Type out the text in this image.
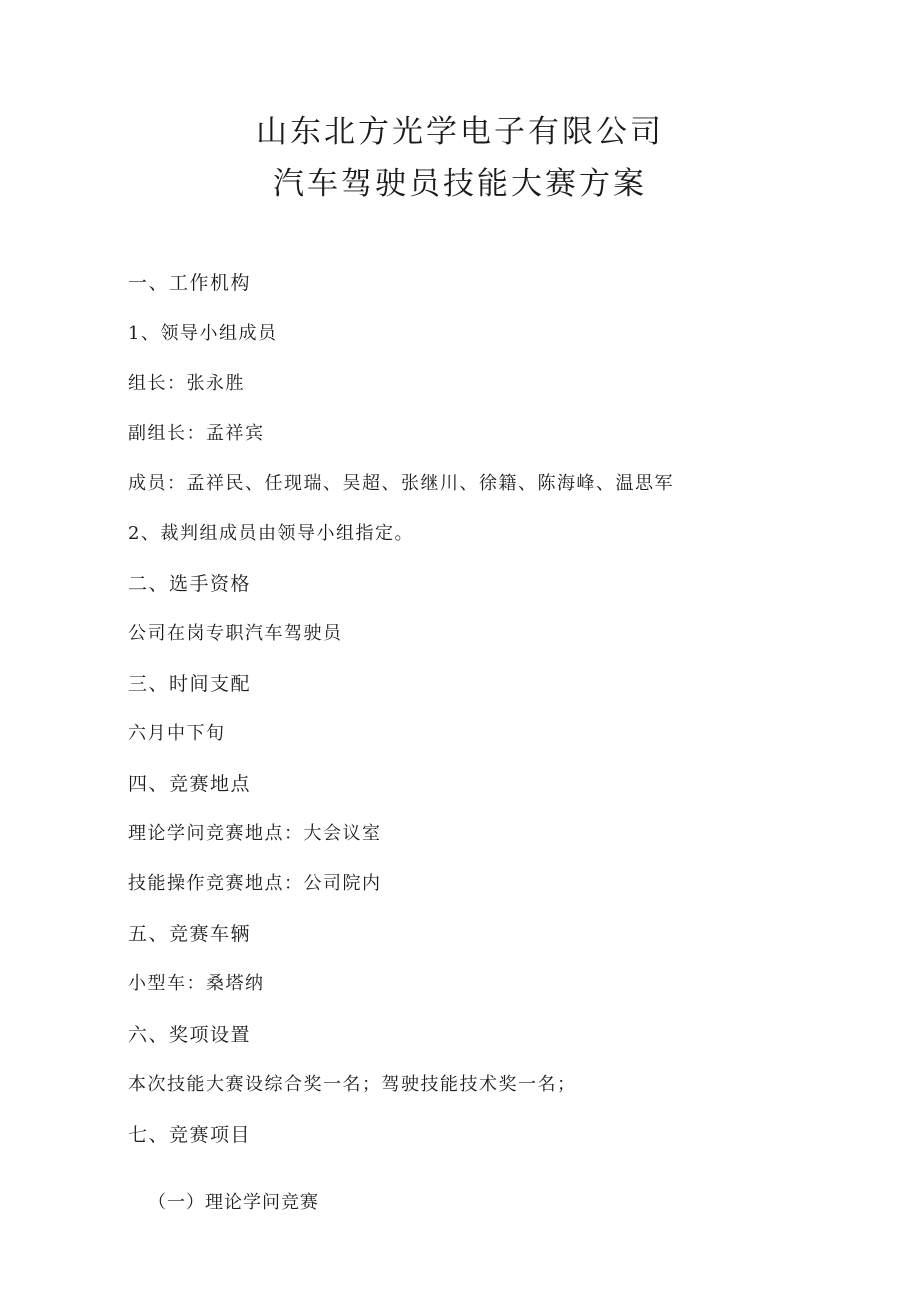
山东北方光学电子有限公司
汽车驾驶员技能大赛方案

一、工作机构

1、领导小组成员

组长：张永胜

副组长：孟祥宾

成员：孟祥民、任现瑞、吴超、张继川、徐籍、陈海峰、温思军

2、裁判组成员由领导小组指定。

二、选手资格

公司在岗专职汽车驾驶员

三、时间支配

六月中下旬

四、竞赛地点

理论学问竞赛地点：大会议室

技能操作竞赛地点：公司院内

五、竞赛车辆

小型车：桑塔纳

六、奖项设置

本次技能大赛设综合奖一名；驾驶技能技术奖一名；

七、竞赛项目

（一）理论学问竞赛
